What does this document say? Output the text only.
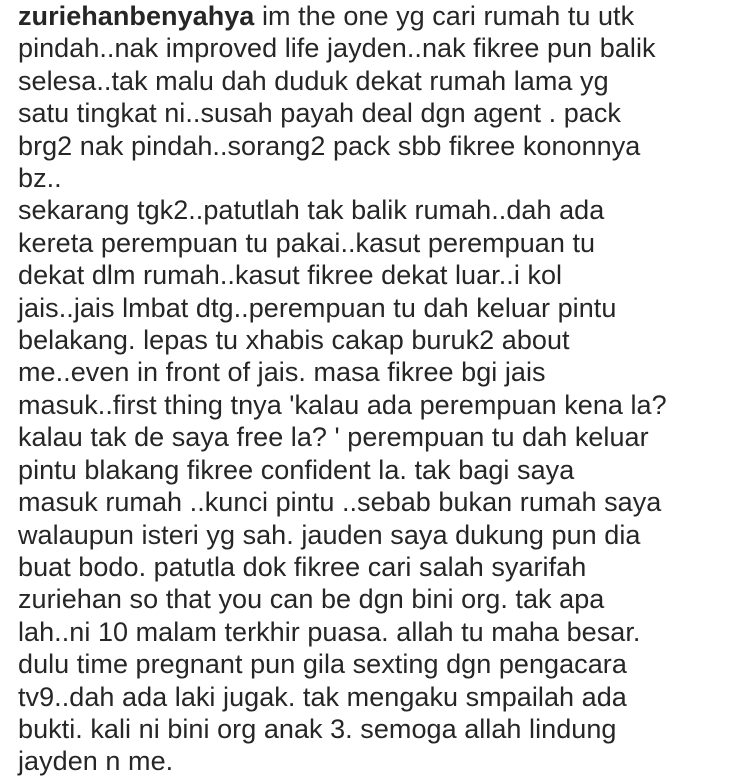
zuriehanbenyahya im the one yg cari rumah tu utk
pindah..nak improved life jayden..nak fikree pun balik
selesa..tak malu dah duduk dekat rumah lama yg
satu tingkat ni..susah payah deal dgn agent . pack
brg2 nak pindah..sorang2 pack sbb fikree kononnya
bz..

sekarang tgk2..patutlah tak balik rumah..dah ada
kereta perempuan tu pakai..kasut perempuan tu
dekat dlm rumah..kasut fikree dekat luar..i kol
jais..jais lmbat dtg..perempuan tu dah keluar pintu
belakang. lepas tu xhabis cakap buruk2 about
me..even in front of jais. masa fikree bgi jais
masuk..first thing tnya 'kalau ada perempuan kena la?
kalau tak de saya free la? ' perempuan tu dah keluar
pintu blakang fikree confident la. tak bagi saya
masuk rumah ..kunci pintu ..sebab bukan rumah saya
walaupun isteri yg sah. jauden saya dukung pun dia
buat bodo. patutla dok fikree cari salah syarifah
zuriehan so that you can be dgn bini org. tak apa
lah..ni 10 malam terkhir puasa. allah tu maha besar.
dulu time pregnant pun gila sexting dgn pengacara
tv9..dah ada laki jugak. tak mengaku smpailah ada
bukti. kali ni bini org anak 3. semoga allah lindung
jayden n me.
